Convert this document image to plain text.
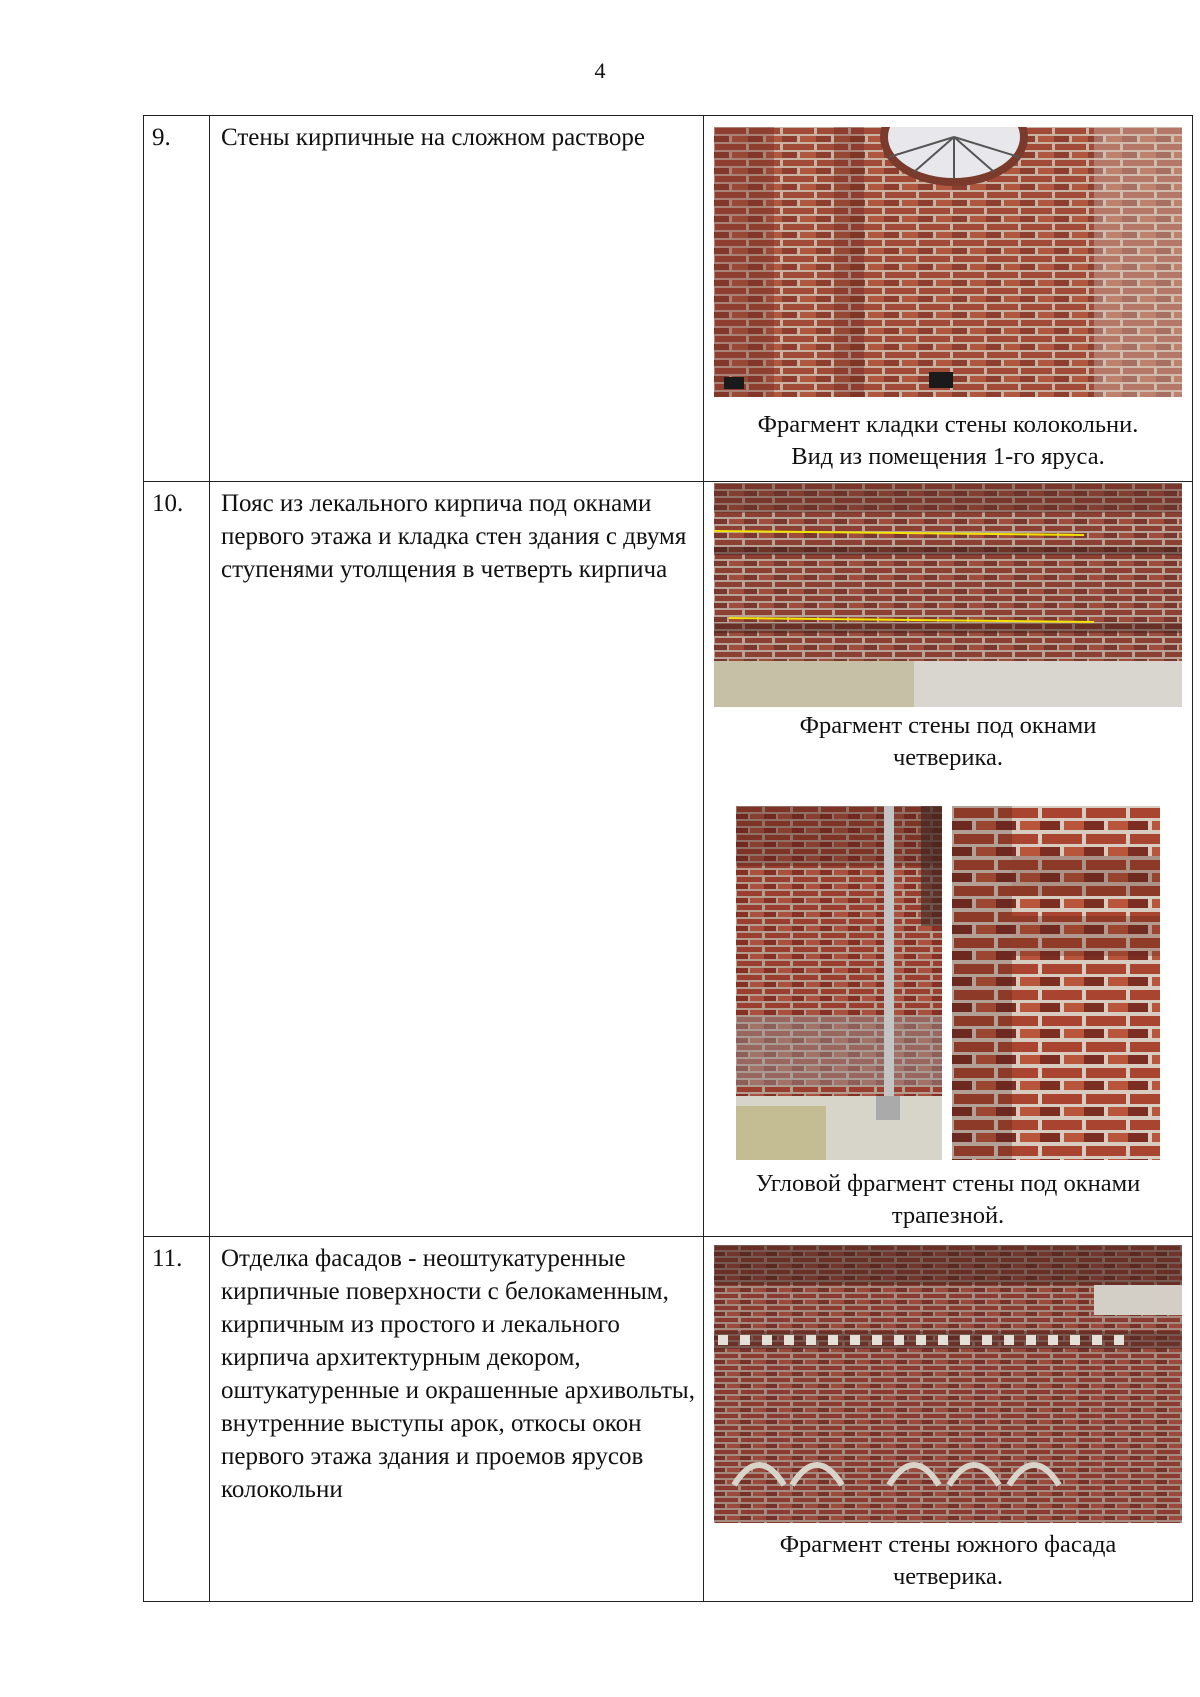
4
9.	Стены кирпичные на сложном растворе	Фрагмент кладки стены колокольни.
Вид из помещения 1-го яруса.

10.	Пояс из лекального кирпича под окнами первого этажа и кладка стен здания с двумя ступенями утолщения в четверть кирпича	Фрагмент стены под окнами
четверика.
Угловой фрагмент стены под окнами
трапезной.

11.	Отделка фасадов - неоштукатуренные кирпичные поверхности с белокаменным, кирпичным из простого и лекального кирпича архитектурным декором, оштукатуренные и окрашенные архивольты, внутренние выступы арок, откосы окон первого этажа здания и проемов ярусов колокольни	Фрагмент стены южного фасада
четверика.
